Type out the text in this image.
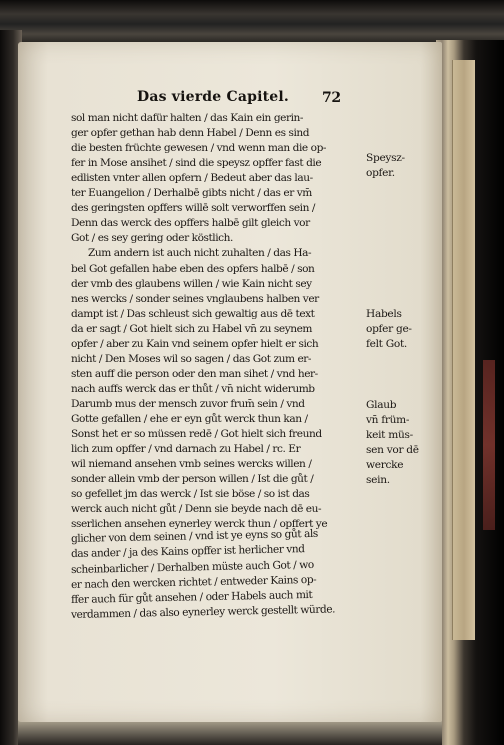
Das vierde Capitel. 72
sol man nicht dafür halten / das Kain ein gerin-
ger opfer gethan hab denn Habel / Denn es sind
die besten früchte gewesen / vnd wenn man die op-
fer in Mose ansihet / sind die speysz opffer fast die
edlisten vnter allen opfern / Bedeut aber das lau-
ter Euangelion / Derhalbē gibts nicht / das er vm̄
des geringsten opffers willē solt verworffen sein /
Denn das werck des opffers halbē gilt gleich vor
Got / es sey gering oder köstlich.
Zum andern ist auch nicht zuhalten / das Ha-
bel Got gefallen habe eben des opfers halbē / son
der vmb des glaubens willen / wie Kain nicht sey
nes wercks / sonder seines vnglaubens halben ver
dampt ist / Das schleust sich gewaltig aus dē text
da er sagt / Got hielt sich zu Habel vn̄ zu seynem
opfer / aber zu Kain vnd seinem opfer hielt er sich
nicht / Den Moses wil so sagen / das Got zum er-
sten auff die person oder den man sihet / vnd her-
nach auffs werck das er thůt / vn̄ nicht widerumb
Darumb mus der mensch zuvor frum̄ sein / vnd
Gotte gefallen / ehe er eyn gůt werck thun kan /
Sonst het er so müssen redē / Got hielt sich freund
lich zum opffer / vnd darnach zu Habel / rc. Er
wil niemand ansehen vmb seines wercks willen /
sonder allein vmb der person willen / Ist die gůt /
so gefellet jm das werck / Ist sie böse / so ist das
werck auch nicht gůt / Denn sie beyde nach dē eu-
sserlichen ansehen eynerley werck thun / opffert ye
glicher von dem seinen / vnd ist ye eyns so gůt als
das ander / ja des Kains opffer ist herlicher vnd
scheinbarlicher / Derhalben müste auch Got / wo
er nach den wercken richtet / entweder Kains op-
ffer auch für gůt ansehen / oder Habels auch mit
verdammen / das also eynerley werck gestellt würde.
Speysz-
opfer.
Habels
opfer ge-
felt Got.
Glaub
vn̄ früm-
keit müs-
sen vor dē
wercke
sein.
